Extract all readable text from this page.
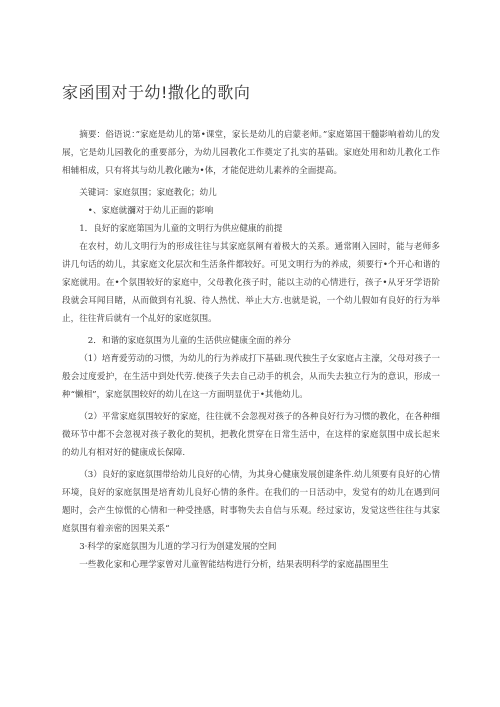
家函围对于幼!撒化的歌向

摘要：俗语说：”家庭是幼儿的第•课堂，家长是幼儿的启蒙老师。”家庭第国干髓影响着幼儿的发展，它是幼儿园教化的重要部分，为幼儿园教化工作奠定了扎实的基础。家庭处用和幼儿教化工作相辅相成，只有将其与幼儿教化融为•体，才能促进幼儿素养的全面提高。

关键词：家庭氛围；家庭教化；幼儿

•、家庭就瀰对于幼儿正面的影响

1．良好的家庭第国为儿童的文明行为供应健康的前提

在农村，幼儿文明行为的形成往往与其家庭氛阐有着极大的关系。通常刚入园时，能与老师多讲几句话的幼儿，其家庭文化层次和生活条件都较好。可见文明行为的养成，须要行•个开心和谐的家庭就用。在•个氛围较好的家庭中，父母教化孩子时，能以主动的心情进行，孩子•从牙牙学语阶段就会耳闻目睹，从而做到有礼貌、待人热忧、举止大方.也就是说，一个幼儿假如有良好的行为举止，往往背后就有一个乩好的家庭氛围。

2．和谐的家庭氛围为儿童的生活供应健康全面的养分

（1）培育爱劳动的习惯，为幼儿的行为养成打下基础.现代独生子女家庭占主濠，父母对孩子一般会过度爱护，在生活中到处代劳.使孩子失去自己动手的机会，从而失去独立行为的意识，形成一种“懒相”，家庭氛围较好的幼儿在这一方面明显优于•其他幼儿。

（2）平常家庭氛围较好的家庭，往往就不会忽视对孩子的各种良好行为习惯的教化，在各种细微环节中都不会忽视对孩子教化的契机，把教化贯穿在日常生活中，在这样的家庭氛围中成长起来的幼儿有相对好的健康成长保障.

（3）良好的家庭氛围带给幼儿良好的心情，为其身心健康发展创建条件.幼儿须要有良好的心情环境，良好的家庭氛围是培育幼儿良好心情的条件。在我们的一日活动中，发觉有的幼儿在遇到问题时，会产生惊慌的心情和一种受挫感，时事物失去自信与乐观。经过家访，发觉这些往往与其家庭氛围有着亲密的因果关系“

3·科学的家庭氛围为儿道的学习行为创建发展的空间

一些教化家和心理学家曾对儿童智能结构进行分析，结果表明科学的家庭晶围里生
